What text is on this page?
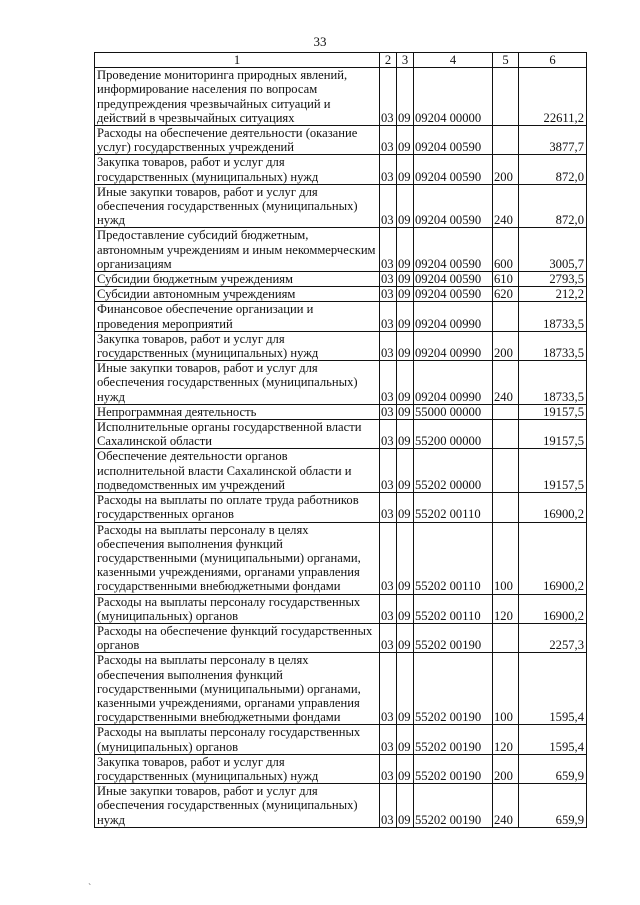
33
1	2	3	4	5	6
Проведение мониторинга природных явлений, информирование населения по вопросам предупреждения чрезвычайных ситуаций и действий в чрезвычайных ситуациях	03	09	09204 00000		22611,2
Расходы на обеспечение деятельности (оказание услуг) государственных учреждений	03	09	09204 00590		3877,7
Закупка товаров, работ и услуг для государственных (муниципальных) нужд	03	09	09204 00590	200	872,0
Иные закупки товаров, работ и услуг для обеспечения государственных (муниципальных) нужд	03	09	09204 00590	240	872,0
Предоставление субсидий бюджетным, автономным учреждениям и иным некоммерческим организациям	03	09	09204 00590	600	3005,7
Субсидии бюджетным учреждениям	03	09	09204 00590	610	2793,5
Субсидии автономным учреждениям	03	09	09204 00590	620	212,2
Финансовое обеспечение организации и проведения мероприятий	03	09	09204 00990		18733,5
Закупка товаров, работ и услуг для государственных (муниципальных) нужд	03	09	09204 00990	200	18733,5
Иные закупки товаров, работ и услуг для обеспечения государственных (муниципальных) нужд	03	09	09204 00990	240	18733,5
Непрограммная деятельность	03	09	55000 00000		19157,5
Исполнительные органы государственной власти Сахалинской области	03	09	55200 00000		19157,5
Обеспечение деятельности органов исполнительной власти Сахалинской области и подведомственных им учреждений	03	09	55202 00000		19157,5
Расходы на выплаты по оплате труда работников государственных органов	03	09	55202 00110		16900,2
Расходы на выплаты персоналу в целях обеспечения выполнения функций государственными (муниципальными) органами, казенными учреждениями, органами управления государственными внебюджетными фондами	03	09	55202 00110	100	16900,2
Расходы на выплаты персоналу государственных (муниципальных) органов	03	09	55202 00110	120	16900,2
Расходы на обеспечение функций государственных органов	03	09	55202 00190		2257,3
Расходы на выплаты персоналу в целях обеспечения выполнения функций государственными (муниципальными) органами, казенными учреждениями, органами управления государственными внебюджетными фондами	03	09	55202 00190	100	1595,4
Расходы на выплаты персоналу государственных (муниципальных) органов	03	09	55202 00190	120	1595,4
Закупка товаров, работ и услуг для государственных (муниципальных) нужд	03	09	55202 00190	200	659,9
Иные закупки товаров, работ и услуг для обеспечения государственных (муниципальных) нужд	03	09	55202 00190	240	659,9
`
